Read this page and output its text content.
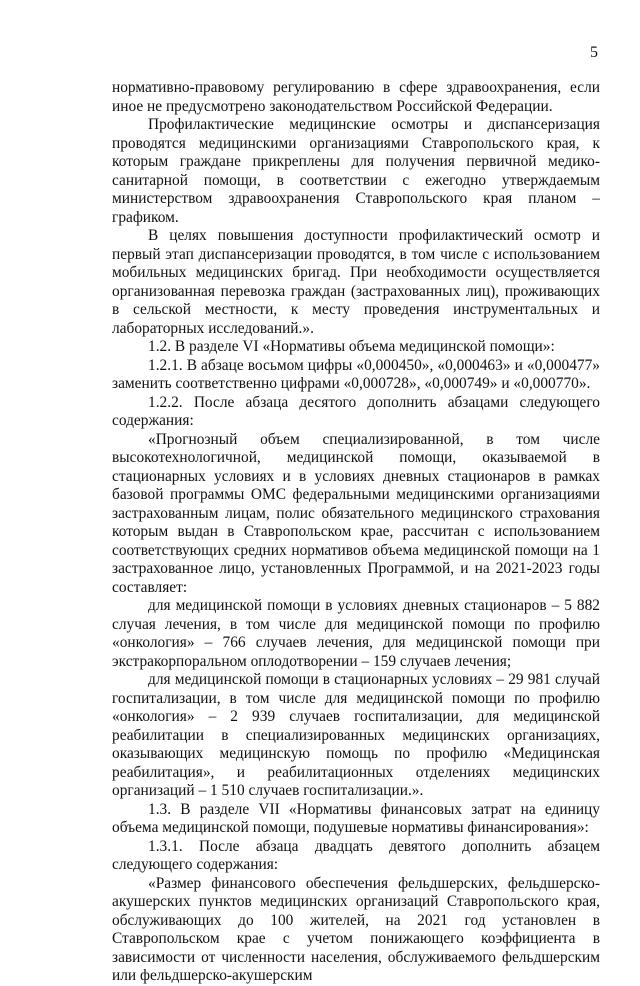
5

нормативно-правовому регулированию в сфере здравоохранения, если иное не предусмотрено законодательством Российской Федерации.

Профилактические медицинские осмотры и диспансеризация проводятся медицинскими организациями Ставропольского края, к которым граждане прикреплены для получения первичной медико-санитарной помощи, в соответствии с ежегодно утверждаемым министерством здравоохранения Ставропольского края планом – графиком.

В целях повышения доступности профилактический осмотр и первый этап диспансеризации проводятся, в том числе с использованием мобильных медицинских бригад. При необходимости осуществляется организованная перевозка граждан (застрахованных лиц), проживающих в сельской местности, к месту проведения инструментальных и лабораторных исследований.».

1.2. В разделе VI «Нормативы объема медицинской помощи»:

1.2.1. В абзаце восьмом цифры «0,000450», «0,000463» и «0,000477» заменить соответственно цифрами «0,000728», «0,000749» и «0,000770».

1.2.2. После абзаца десятого дополнить абзацами следующего содержания:

«Прогнозный объем специализированной, в том числе высокотехнологичной, медицинской помощи, оказываемой в стационарных условиях и в условиях дневных стационаров в рамках базовой программы ОМС федеральными медицинскими организациями застрахованным лицам, полис обязательного медицинского страхования которым выдан в Ставропольском крае, рассчитан с использованием соответствующих средних нормативов объема медицинской помощи на 1 застрахованное лицо, установленных Программой, и на 2021-2023 годы составляет:

для медицинской помощи в условиях дневных стационаров – 5 882 случая лечения, в том числе для медицинской помощи по профилю «онкология» – 766 случаев лечения, для медицинской помощи при экстракорпоральном оплодотворении – 159 случаев лечения;

для медицинской помощи в стационарных условиях – 29 981 случай госпитализации, в том числе для медицинской помощи по профилю «онкология» – 2 939 случаев госпитализации, для медицинской реабилитации в специализированных медицинских организациях, оказывающих медицинскую помощь по профилю «Медицинская реабилитация», и реабилитационных отделениях медицинских организаций – 1 510 случаев госпитализации.».

1.3. В разделе VII «Нормативы финансовых затрат на единицу объема медицинской помощи, подушевые нормативы финансирования»:

1.3.1. После абзаца двадцать девятого дополнить абзацем следующего содержания:

«Размер финансового обеспечения фельдшерских, фельдшерско-акушерских пунктов медицинских организаций Ставропольского края, обслуживающих до 100 жителей, на 2021 год установлен в Ставропольском крае с учетом понижающего коэффициента в зависимости от численности населения, обслуживаемого фельдшерским или фельдшерско-акушерским
